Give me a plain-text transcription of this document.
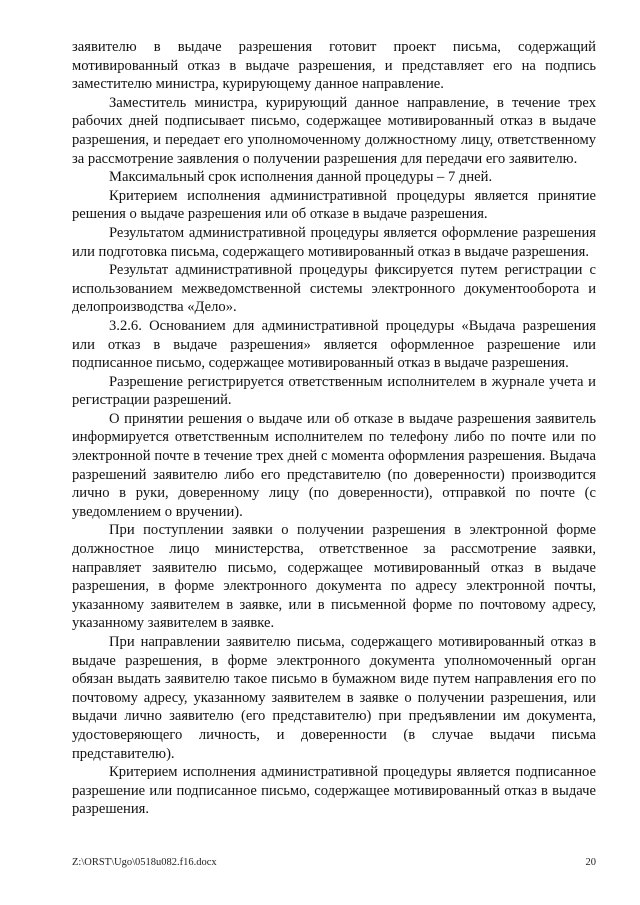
заявителю в выдаче разрешения готовит проект письма, содержащий мотивированный отказ в выдаче разрешения, и представляет его на подпись заместителю министра, курирующему данное направление.

Заместитель министра, курирующий данное направление, в течение трех рабочих дней подписывает письмо, содержащее мотивированный отказ в выдаче разрешения, и передает его уполномоченному должностному лицу, ответственному за рассмотрение заявления о получении разрешения для передачи его заявителю.

Максимальный срок исполнения данной процедуры – 7 дней.

Критерием исполнения административной процедуры является принятие решения о выдаче разрешения или об отказе в выдаче разрешения.

Результатом административной процедуры является оформление разрешения или подготовка письма, содержащего мотивированный отказ в выдаче разрешения.

Результат административной процедуры фиксируется путем регистрации с использованием межведомственной системы электронного документооборота и делопроизводства «Дело».

3.2.6. Основанием для административной процедуры «Выдача разрешения или отказ в выдаче разрешения» является оформленное разрешение или подписанное письмо, содержащее мотивированный отказ в выдаче разрешения.

Разрешение регистрируется ответственным исполнителем в журнале учета и регистрации разрешений.

О принятии решения о выдаче или об отказе в выдаче разрешения заявитель информируется ответственным исполнителем по телефону либо по почте или по электронной почте в течение трех дней с момента оформления разрешения. Выдача разрешений заявителю либо его представителю (по доверенности) производится лично в руки, доверенному лицу (по доверенности), отправкой по почте (с уведомлением о вручении).

При поступлении заявки о получении разрешения в электронной форме должностное лицо министерства, ответственное за рассмотрение заявки, направляет заявителю письмо, содержащее мотивированный отказ в выдаче разрешения, в форме электронного документа по адресу электронной почты, указанному заявителем в заявке, или в письменной форме по почтовому адресу, указанному заявителем в заявке.

При направлении заявителю письма, содержащего мотивированный отказ в выдаче разрешения, в форме электронного документа уполномоченный орган обязан выдать заявителю такое письмо в бумажном виде путем направления его по почтовому адресу, указанному заявителем в заявке о получении разрешения, или выдачи лично заявителю (его представителю) при предъявлении им документа, удостоверяющего личность, и доверенности (в случае выдачи письма представителю).

Критерием исполнения административной процедуры является подписанное разрешение или подписанное письмо, содержащее мотивированный отказ в выдаче разрешения.

Z:\ORST\Ugo\0518u082.f16.docx	20
